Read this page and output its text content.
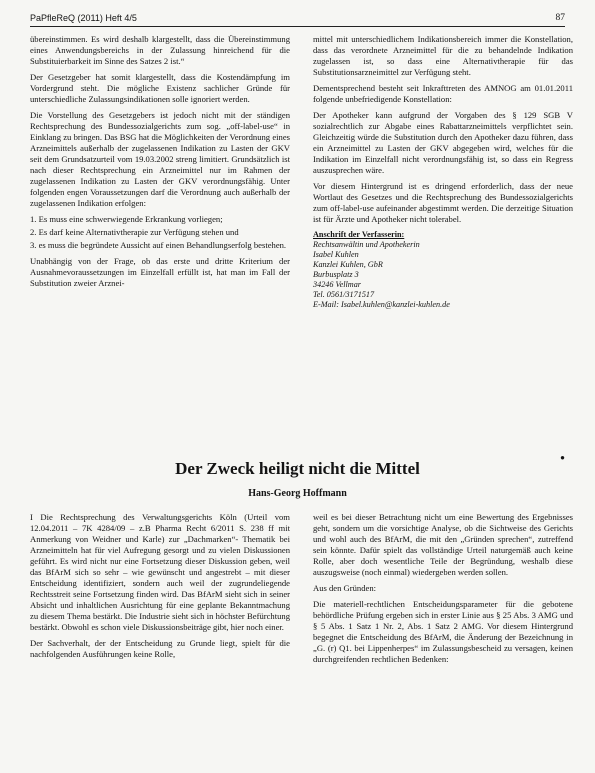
PaPfleReQ (2011) Heft 4/5	87

übereinstimmen. Es wird deshalb klargestellt, dass die Übereinstimmung eines Anwendungsbereichs in der Zulassung hinreichend für die Substituierbarkeit im Sinne des Satzes 2 ist.“

Der Gesetzgeber hat somit klargestellt, dass die Kostendämpfung im Vordergrund steht. Die mögliche Existenz sachlicher Gründe für unterschiedliche Zulassungsindikationen solle ignoriert werden.

Die Vorstellung des Gesetzgebers ist jedoch nicht mit der ständigen Rechtsprechung des Bundessozialgerichts zum sog. „off-label-use“ in Einklang zu bringen. Das BSG hat die Möglichkeiten der Verordnung eines Arzneimittels außerhalb der zugelassenen Indikation zu Lasten der GKV seit dem Grundsatzurteil vom 19.03.2002 streng limitiert. Grundsätzlich ist nach dieser Rechtsprechung ein Arzneimittel nur im Rahmen der zugelassenen Indikation zu Lasten der GKV verordnungsfähig. Unter folgenden engen Voraussetzungen darf die Verordnung auch außerhalb der zugelassenen Indikation erfolgen:

1. Es muss eine schwerwiegende Erkrankung vorliegen;
2. Es darf keine Alternativtherapie zur Verfügung stehen und
3. es muss die begründete Aussicht auf einen Behandlungserfolg bestehen.

Unabhängig von der Frage, ob das erste und dritte Kriterium der Ausnahmevoraussetzungen im Einzelfall erfüllt ist, hat man im Fall der Substitution zweier Arznei-

mittel mit unterschiedlichem Indikationsbereich immer die Konstellation, dass das verordnete Arzneimittel für die zu behandelnde Indikation zugelassen ist, so dass eine Alternativtherapie für das Substitutionsarzneimittel zur Verfügung steht.

Dementsprechend besteht seit Inkrafttreten des AMNOG am 01.01.2011 folgende unbefriedigende Konstellation:

Der Apotheker kann aufgrund der Vorgaben des § 129 SGB V sozialrechtlich zur Abgabe eines Rabattarzneimittels verpflichtet sein. Gleichzeitig würde die Substitution durch den Apotheker dazu führen, dass ein Arzneimittel zu Lasten der GKV abgegeben wird, welches für die Indikation im Einzelfall nicht verordnungsfähig ist, so dass ein Regress auszusprechen wäre.

Vor diesem Hintergrund ist es dringend erforderlich, dass der neue Wortlaut des Gesetzes und die Rechtsprechung des Bundessozialgerichts zum off-label-use aufeinander abgestimmt werden. Die derzeitige Situation ist für Ärzte und Apotheker nicht tolerabel.

Anschrift der Verfasserin:
Rechtsanwältin und Apothekerin
Isabel Kuhlen
Kanzlei Kuhlen, GbR
Burbusplatz 3
34246 Vellmar
Tel. 0561/3171517
E-Mail: Isabel.kuhlen@kanzlei-kuhlen.de
●
Der Zweck heiligt nicht die Mittel
Hans-Georg Hoffmann

I Die Rechtsprechung des Verwaltungsgerichts Köln (Urteil vom 12.04.2011 – 7K 4284/09 – z.B Pharma Recht 6/2011 S. 238 ff mit Anmerkung von Weidner und Karle) zur „Dachmarken“- Thematik bei Arzneimitteln hat für viel Aufregung gesorgt und zu vielen Diskussionen geführt. Es wird nicht nur eine Fortsetzung dieser Diskussion geben, weil das BfArM sich so sehr – wie gewünscht und angestrebt – mit dieser Entscheidung identifiziert, sondern auch weil der zugrundeliegende Rechtsstreit seine Fortsetzung finden wird. Das BfArM sieht sich in seiner Absicht und inhaltlichen Ausrichtung für eine geplante Bekanntmachung zu diesem Thema bestärkt. Die Industrie sieht sich in höchster Befürchtung bestärkt. Obwohl es schon viele Diskussionsbeiträge gibt, hier noch einer.

Der Sachverhalt, der der Entscheidung zu Grunde liegt, spielt für die nachfolgenden Ausführungen keine Rolle,

weil es bei dieser Betrachtung nicht um eine Bewertung des Ergebnisses geht, sondern um die vorsichtige Analyse, ob die Sichtweise des Gerichts und wohl auch des BfArM, die mit den „Gründen sprechen“, zutreffend sein könnte. Dafür spielt das vollständige Urteil naturgemäß auch keine Rolle, aber doch wesentliche Teile der Begründung, weshalb diese auszugsweise (noch einmal) wiedergeben werden sollen.

Aus den Gründen:

Die materiell-rechtlichen Entscheidungsparameter für die gebotene behördliche Prüfung ergeben sich in erster Linie aus § 25 Abs. 3 AMG und § 5 Abs. 1 Satz 1 Nr. 2, Abs. 1 Satz 2 AMG. Vor diesem Hintergrund begegnet die Entscheidung des BfArM, die Änderung der Bezeichnung in „G. (r) Q1. bei Lippenherpes“ im Zulassungsbescheid zu versagen, keinen durchgreifenden rechtlichen Bedenken:
